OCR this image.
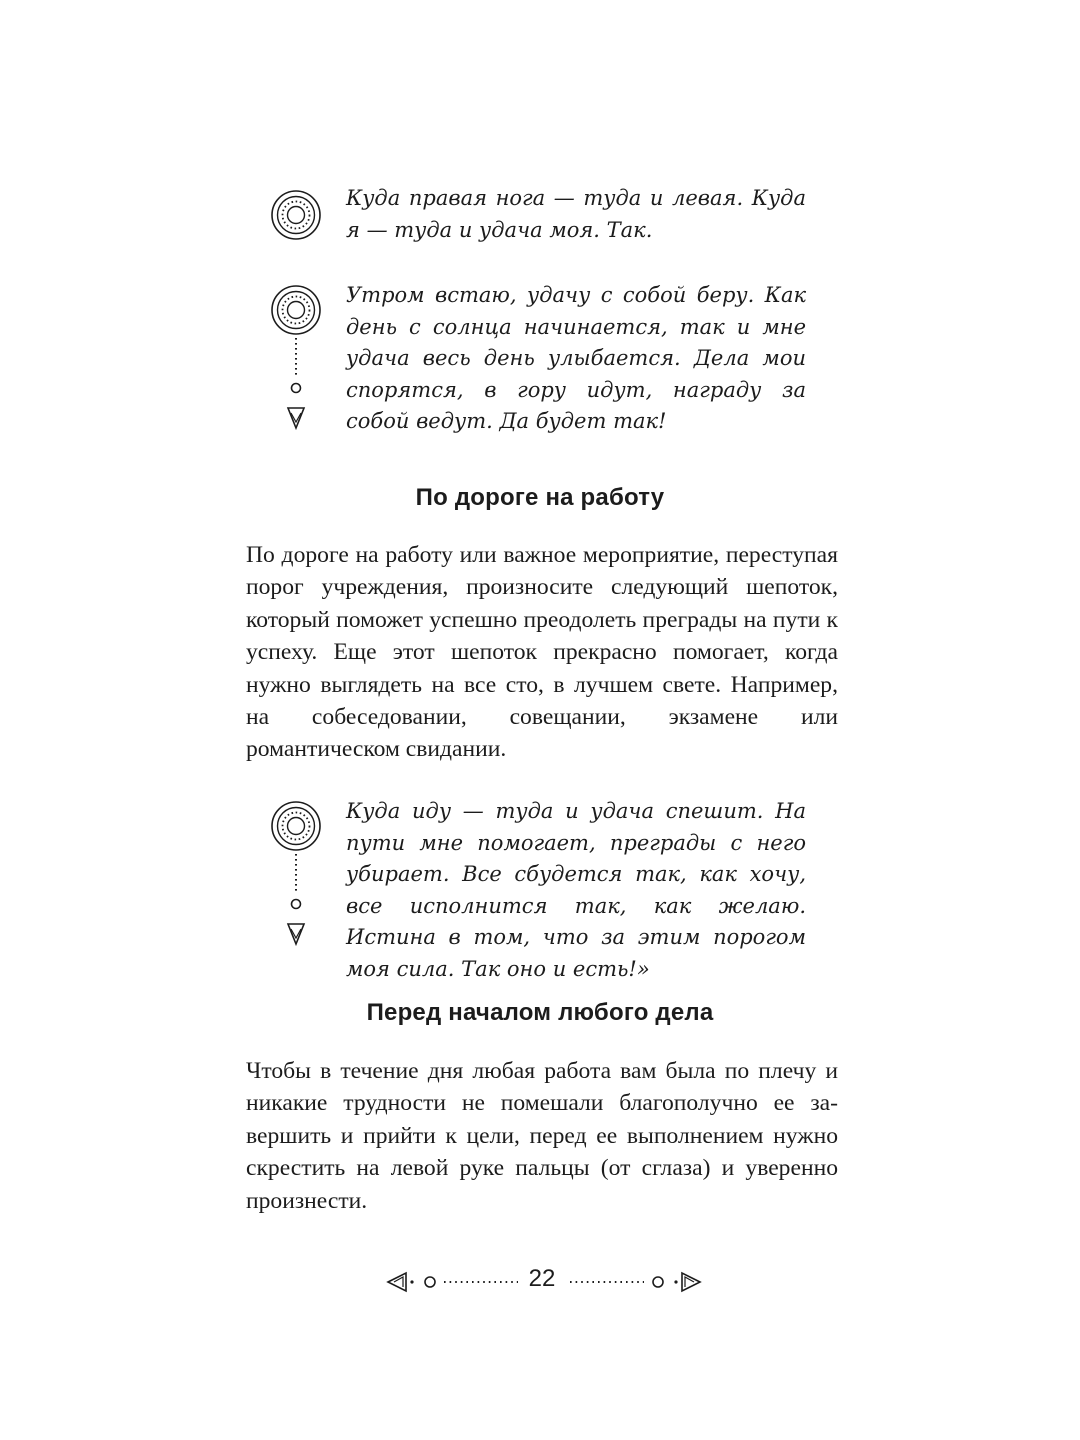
Куда правая нога — туда и левая. Куда я — туда и удача моя. Так.
Утром встаю, удачу с собой беру. Как день с солнца начинается, так и мне удача весь день улыбается. Дела мои спорятся, в гору идут, награду за собой ведут. Да будет так!
По дороге на работу
По дороге на работу или важное мероприятие, переступая порог учреждения, произносите следующий шепоток, который поможет успешно преодолеть преграды на пути к успеху. Еще этот шепоток прекрасно помогает, когда нужно выглядеть на все сто, в лучшем свете. Например, на собеседовании, совещании, экзамене или романтическом свидании.
Куда иду — туда и удача спешит. На пути мне помогает, преграды с него убирает. Все сбудется так, как хочу, все исполнится так, как желаю. Истина в том, что за этим порогом моя сила. Так оно и есть!»
Перед началом любого дела
Чтобы в течение дня любая работа вам была по плечу и никакие трудности не помешали благополучно ее завершить и прийти к цели, перед ее выполнением нужно скрестить на левой руке пальцы (от сглаза) и уверенно произнести.
22
